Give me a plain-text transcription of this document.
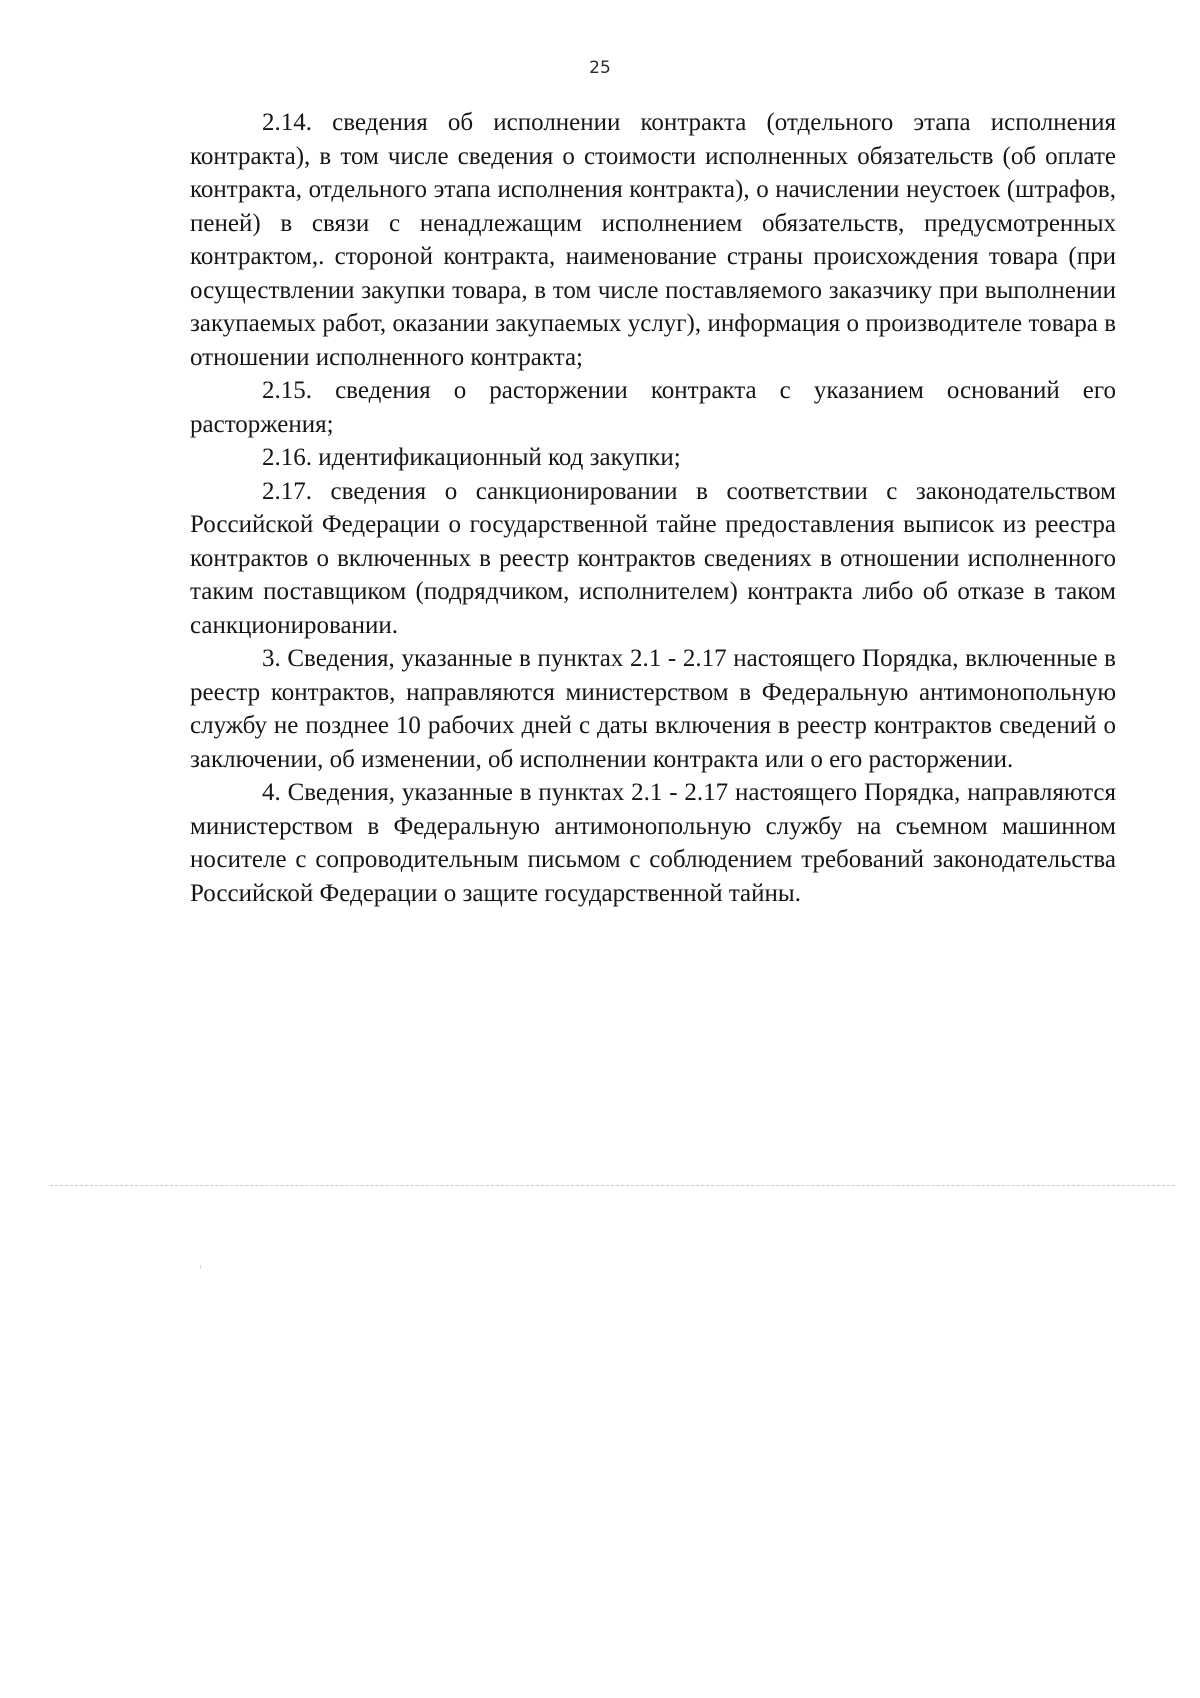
25

2.14. сведения об исполнении контракта (отдельного этапа исполнения контракта), в том числе сведения о стоимости исполненных обязательств (об оплате контракта, отдельного этапа исполнения контракта), о начислении неустоек (штрафов, пеней) в связи с ненадлежащим исполнением обязательств, предусмотренных контрактом,. стороной контракта, наименование страны происхождения товара (при осуществлении закупки товара, в том числе поставляемого заказчику при выполнении закупаемых работ, оказании закупаемых услуг), информация о производителе товара в отношении исполненного контракта;

2.15. сведения о расторжении контракта с указанием оснований его расторжения;

2.16. идентификационный код закупки;

2.17. сведения о санкционировании в соответствии с законодательством Российской Федерации о государственной тайне предоставления выписок из реестра контрактов о включенных в реестр контрактов сведениях в отношении исполненного таким поставщиком (подрядчиком, исполнителем) контракта либо об отказе в таком санкционировании.

3. Сведения, указанные в пунктах 2.1 - 2.17 настоящего Порядка, включенные в реестр контрактов, направляются министерством в Федеральную антимонопольную службу не позднее 10 рабочих дней с даты включения в реестр контрактов сведений о заключении, об изменении, об исполнении контракта или о его расторжении.

4. Сведения, указанные в пунктах 2.1 - 2.17 настоящего Порядка, направляются министерством в Федеральную антимонопольную службу на съемном машинном носителе с сопроводительным письмом с соблюдением требований законодательства Российской Федерации о защите государственной тайны.
